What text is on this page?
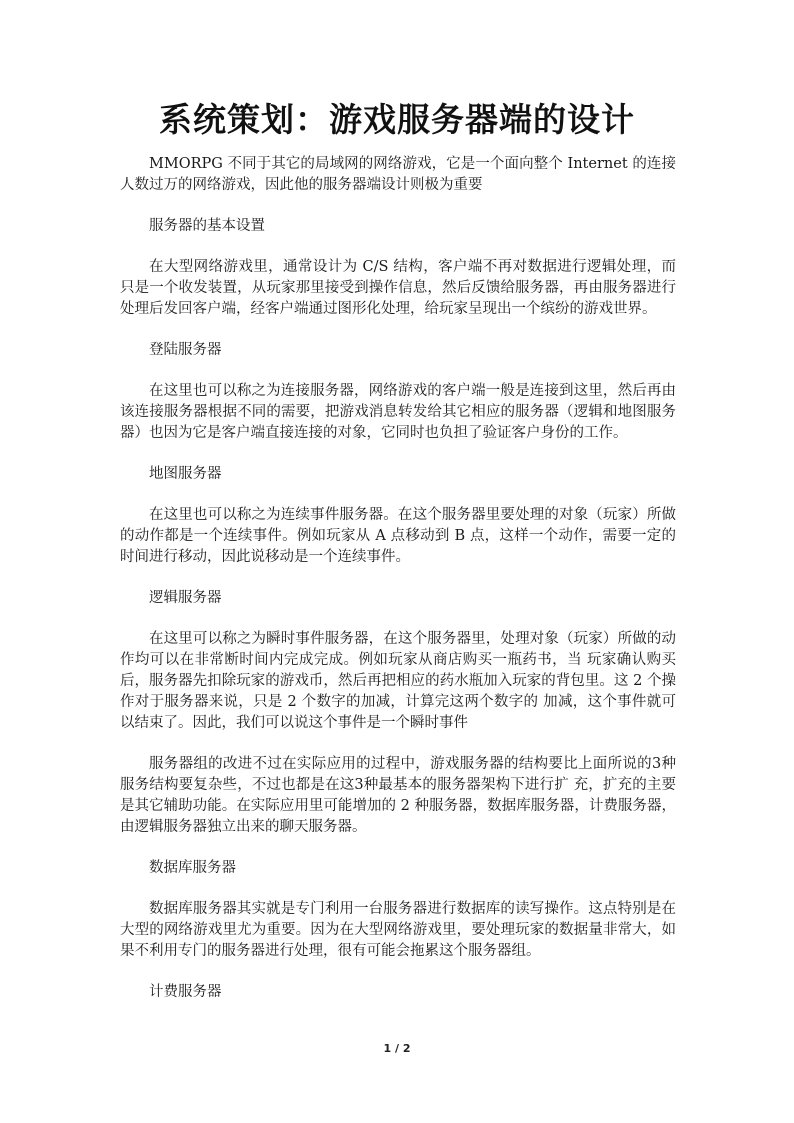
系统策划：游戏服务器端的设计

MMORPG 不同于其它的局域网的网络游戏，它是一个面向整个 Internet 的连接人数过万的网络游戏，因此他的服务器端设计则极为重要

服务器的基本设置

在大型网络游戏里，通常设计为 C/S 结构，客户端不再对数据进行逻辑处理，而只是一个收发装置，从玩家那里接受到操作信息，然后反馈给服务器，再由服务器进行处理后发回客户端，经客户端通过图形化处理，给玩家呈现出一个缤纷的游戏世界。

登陆服务器

在这里也可以称之为连接服务器，网络游戏的客户端一般是连接到这里，然后再由该连接服务器根据不同的需要，把游戏消息转发给其它相应的服务器（逻辑和地图服务器）也因为它是客户端直接连接的对象，它同时也负担了验证客户身份的工作。

地图服务器

在这里也可以称之为连续事件服务器。在这个服务器里要处理的对象（玩家）所做的动作都是一个连续事件。例如玩家从 A 点移动到 B 点，这样一个动作，需要一定的时间进行移动，因此说移动是一个连续事件。

逻辑服务器

在这里可以称之为瞬时事件服务器，在这个服务器里，处理对象（玩家）所做的动作均可以在非常断时间内完成完成。例如玩家从商店购买一瓶药书，当 玩家确认购买后，服务器先扣除玩家的游戏币，然后再把相应的药水瓶加入玩家的背包里。这 2 个操作对于服务器来说，只是 2 个数字的加减，计算完这两个数字的 加减，这个事件就可以结束了。因此，我们可以说这个事件是一个瞬时事件

服务器组的改进不过在实际应用的过程中，游戏服务器的结构要比上面所说的3种服务结构要复杂些，不过也都是在这3种最基本的服务器架构下进行扩 充，扩充的主要是其它辅助功能。在实际应用里可能增加的 2 种服务器，数据库服务器，计费服务器，由逻辑服务器独立出来的聊天服务器。

数据库服务器

数据库服务器其实就是专门利用一台服务器进行数据库的读写操作。这点特别是在大型的网络游戏里尤为重要。因为在大型网络游戏里，要处理玩家的数据量非常大，如果不利用专门的服务器进行处理，很有可能会拖累这个服务器组。

计费服务器

1 / 2
